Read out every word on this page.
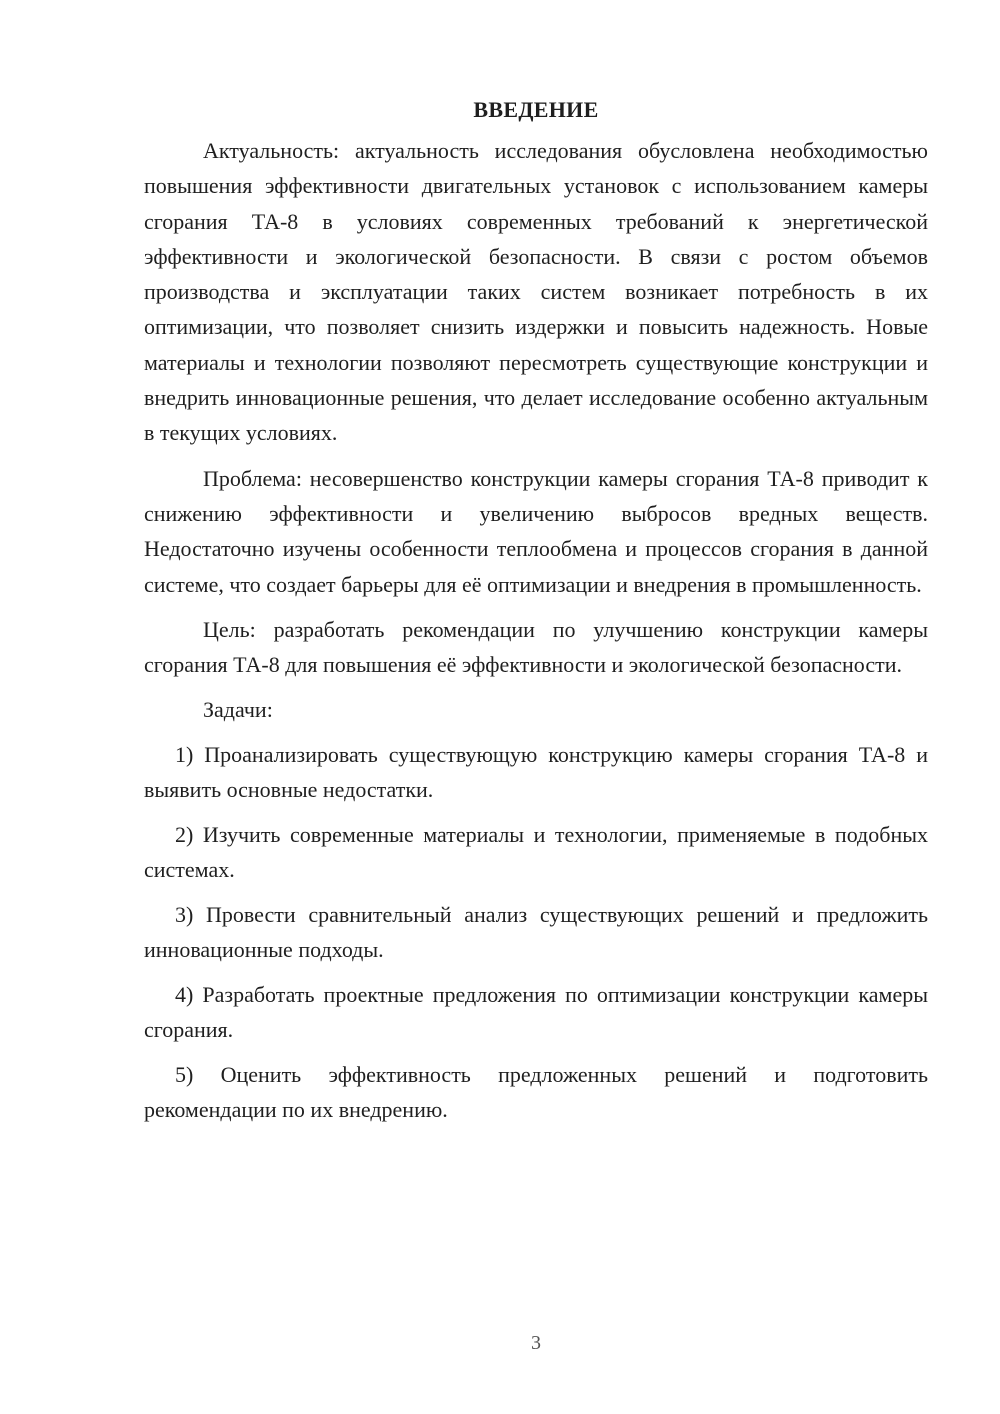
ВВЕДЕНИЕ

Актуальность: актуальность исследования обусловлена необходимостью повышения эффективности двигательных установок с использованием камеры сгорания ТА-8 в условиях современных требований к энергетической эффективности и экологической безопасности. В связи с ростом объемов производства и эксплуатации таких систем возникает потребность в их оптимизации, что позволяет снизить издержки и повысить надежность. Новые материалы и технологии позволяют пересмотреть существующие конструкции и внедрить инновационные решения, что делает исследование особенно актуальным в текущих условиях.

Проблема: несовершенство конструкции камеры сгорания ТА-8 приводит к снижению эффективности и увеличению выбросов вредных веществ. Недостаточно изучены особенности теплообмена и процессов сгорания в данной системе, что создает барьеры для её оптимизации и внедрения в промышленность.

Цель: разработать рекомендации по улучшению конструкции камеры сгорания ТА-8 для повышения её эффективности и экологической безопасности.

Задачи:

1) Проанализировать существующую конструкцию камеры сгорания ТА-8 и выявить основные недостатки.

2) Изучить современные материалы и технологии, применяемые в подобных системах.

3) Провести сравнительный анализ существующих решений и предложить инновационные подходы.

4) Разработать проектные предложения по оптимизации конструкции камеры сгорания.

5) Оценить эффективность предложенных решений и подготовить рекомендации по их внедрению.

3
